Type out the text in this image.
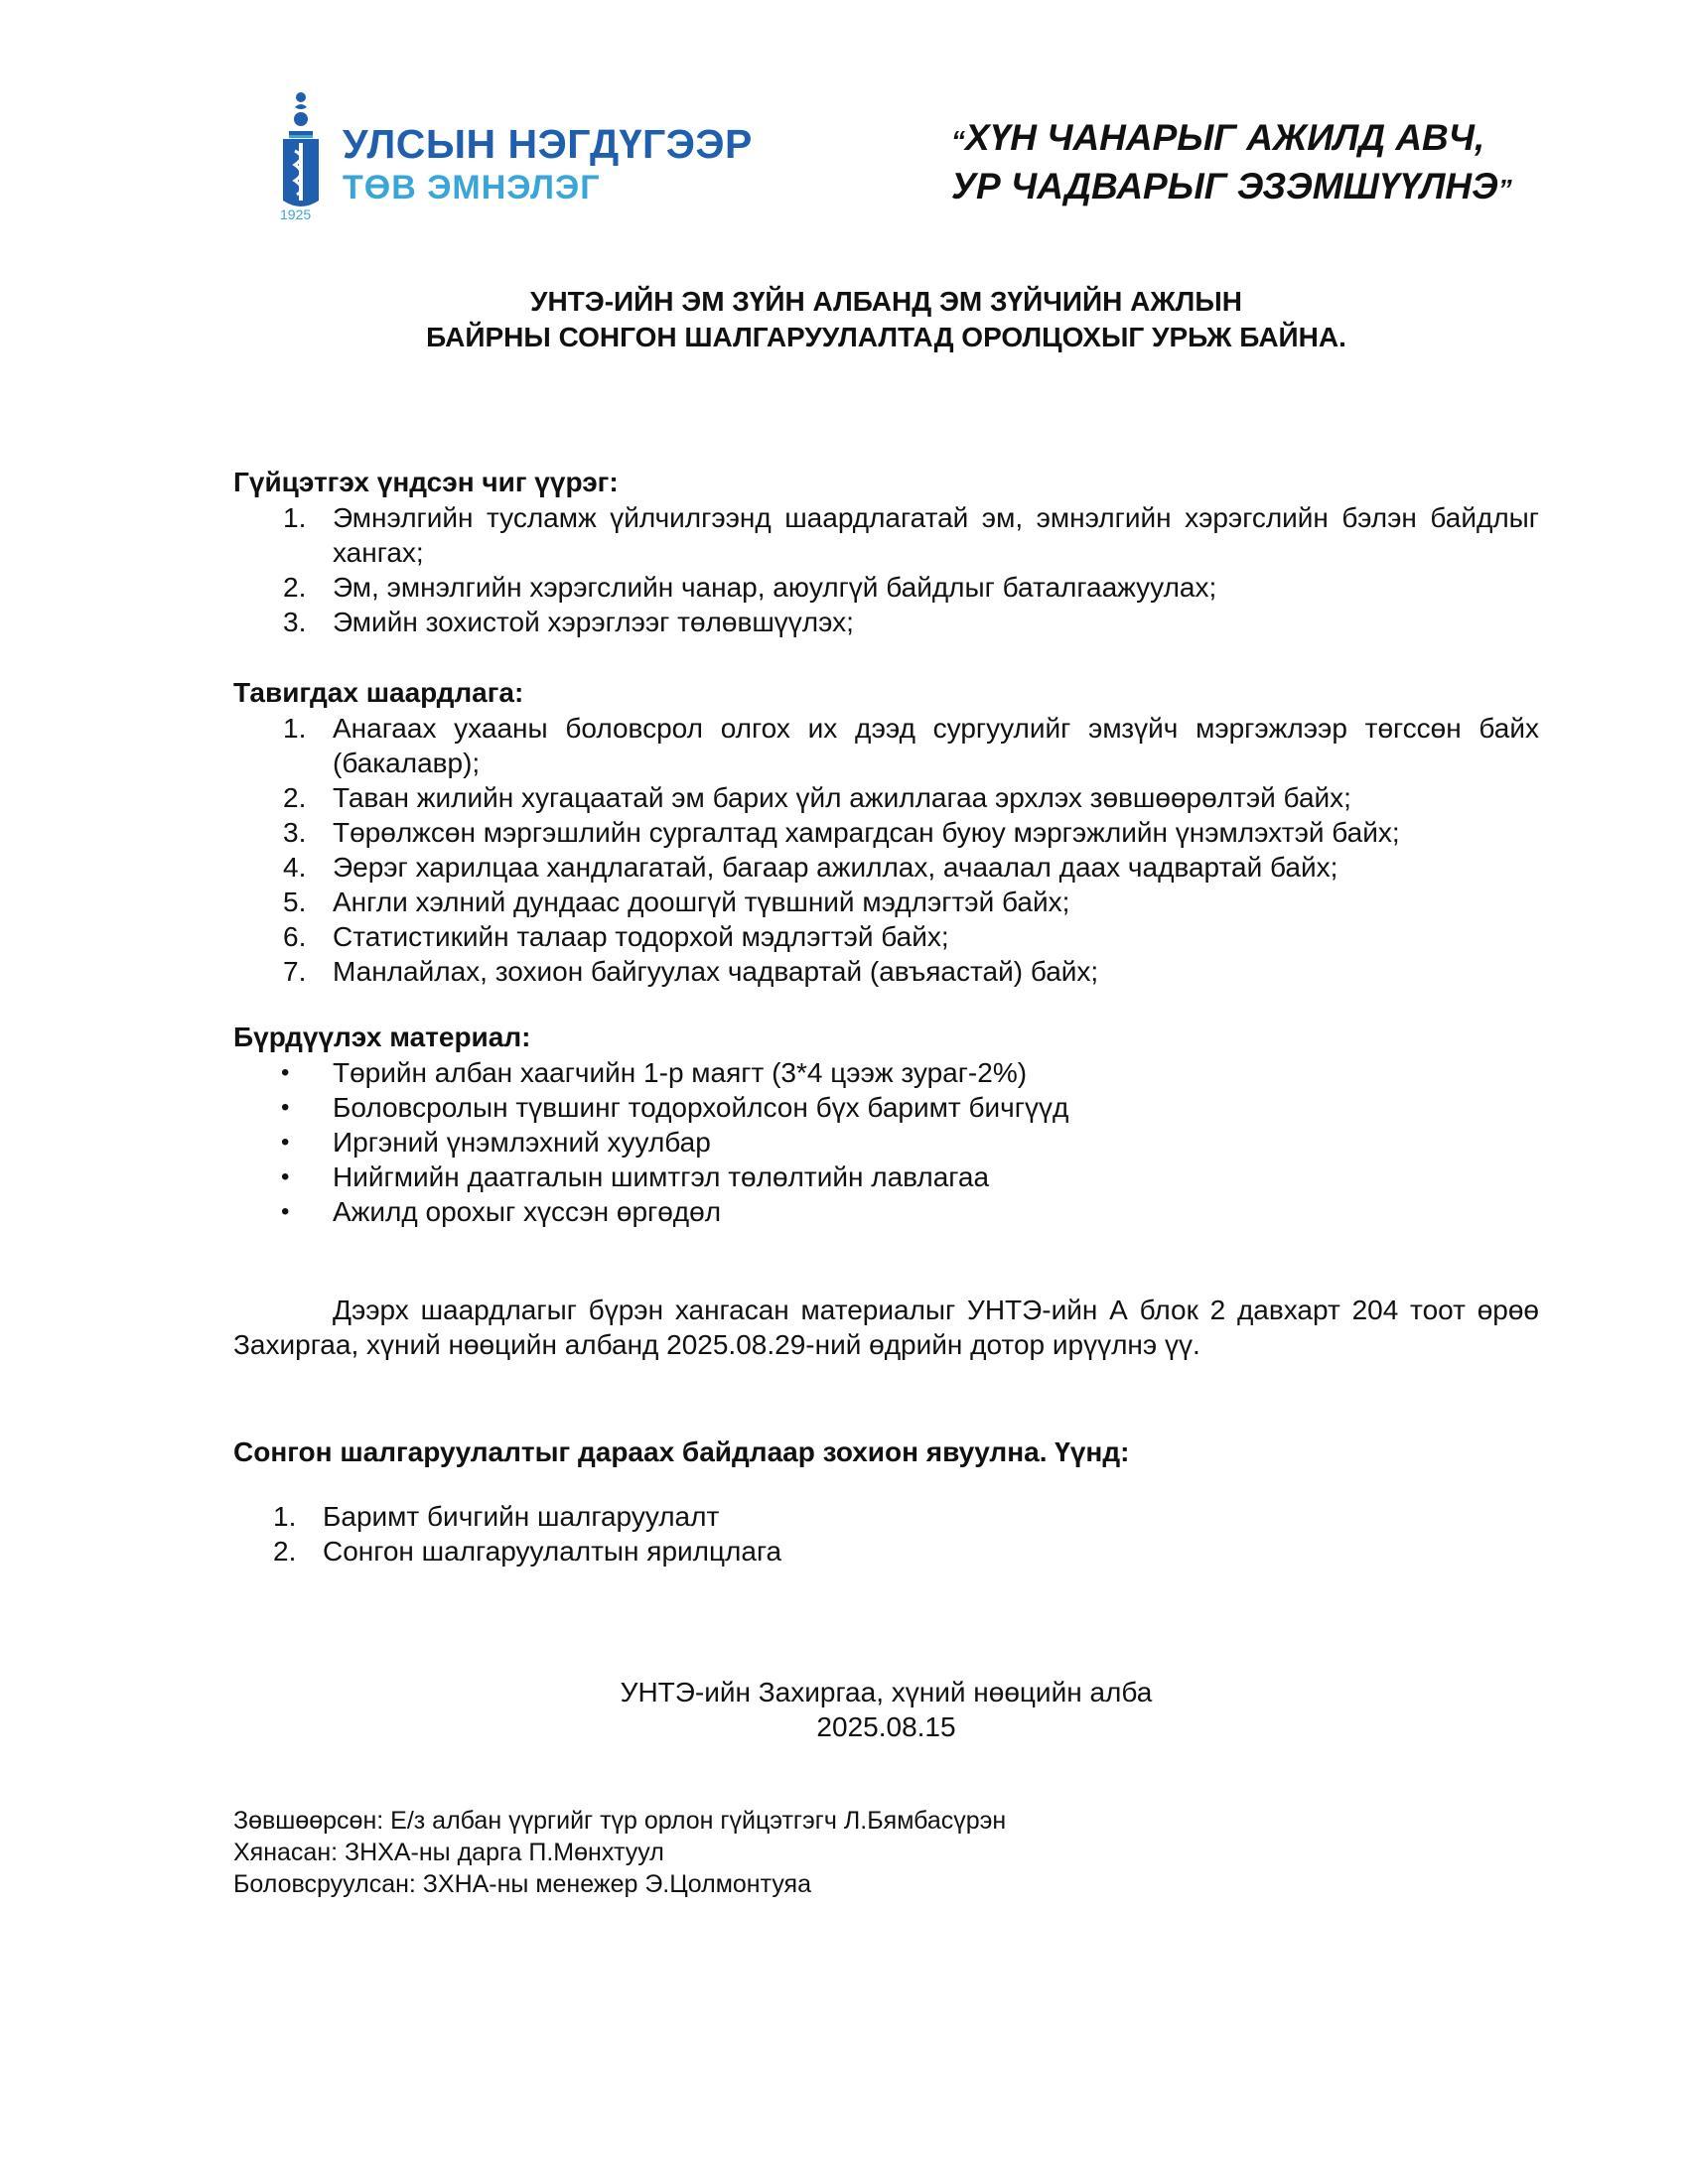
УЛСЫН НЭГДҮГЭЭР
ТӨВ ЭМНЭЛЭГ
1925
“ХҮН ЧАНАРЫГ АЖИЛД АВЧ,
УР ЧАДВАРЫГ ЭЗЭМШҮҮЛНЭ”
УНТЭ-ИЙН ЭМ ЗҮЙН АЛБАНД ЭМ ЗҮЙЧИЙН АЖЛЫН
БАЙРНЫ СОНГОН ШАЛГАРУУЛАЛТАД ОРОЛЦОХЫГ УРЬЖ БАЙНА.
Гүйцэтгэх үндсэн чиг үүрэг:
1. Эмнэлгийн тусламж үйлчилгээнд шаардлагатай эм, эмнэлгийн хэрэгслийн бэлэн байдлыг хангах;
2. Эм, эмнэлгийн хэрэгслийн чанар, аюулгүй байдлыг баталгаажуулах;
3. Эмийн зохистой хэрэглээг төлөвшүүлэх;
Тавигдах шаардлага:
1. Анагаах ухааны боловсрол олгох их дээд сургуулийг эмзүйч мэргэжлээр төгссөн байх (бакалавр);
2. Таван жилийн хугацаатай эм барих үйл ажиллагаа эрхлэх зөвшөөрөлтэй байх;
3. Төрөлжсөн мэргэшлийн сургалтад хамрагдсан буюу мэргэжлийн үнэмлэхтэй байх;
4. Эерэг харилцаа хандлагатай, багаар ажиллах, ачаалал даах чадвартай байх;
5. Англи хэлний дундаас доошгүй түвшний мэдлэгтэй байх;
6. Статистикийн талаар тодорхой мэдлэгтэй байх;
7. Манлайлах, зохион байгуулах чадвартай (авъяастай) байх;
Бүрдүүлэх материал:
• Төрийн албан хаагчийн 1-р маягт (3*4 цээж зураг-2%)
• Боловсролын түвшинг тодорхойлсон бүх баримт бичгүүд
• Иргэний үнэмлэхний хуулбар
• Нийгмийн даатгалын шимтгэл төлөлтийн лавлагаа
• Ажилд орохыг хүссэн өргөдөл
Дээрх шаардлагыг бүрэн хангасан материалыг УНТЭ-ийн А блок 2 давхарт 204 тоот өрөө Захиргаа, хүний нөөцийн албанд 2025.08.29-ний өдрийн дотор ирүүлнэ үү.
Сонгон шалгаруулалтыг дараах байдлаар зохион явуулна. Үүнд:
1. Баримт бичгийн шалгаруулалт
2. Сонгон шалгаруулалтын ярилцлага
УНТЭ-ийн Захиргаа, хүний нөөцийн алба
2025.08.15
Зөвшөөрсөн: Е/з албан үүргийг түр орлон гүйцэтгэгч Л.Бямбасүрэн
Хянасан: ЗНХА-ны дарга П.Мөнхтуул
Боловсруулсан: ЗХНА-ны менежер Э.Цолмонтуяа
